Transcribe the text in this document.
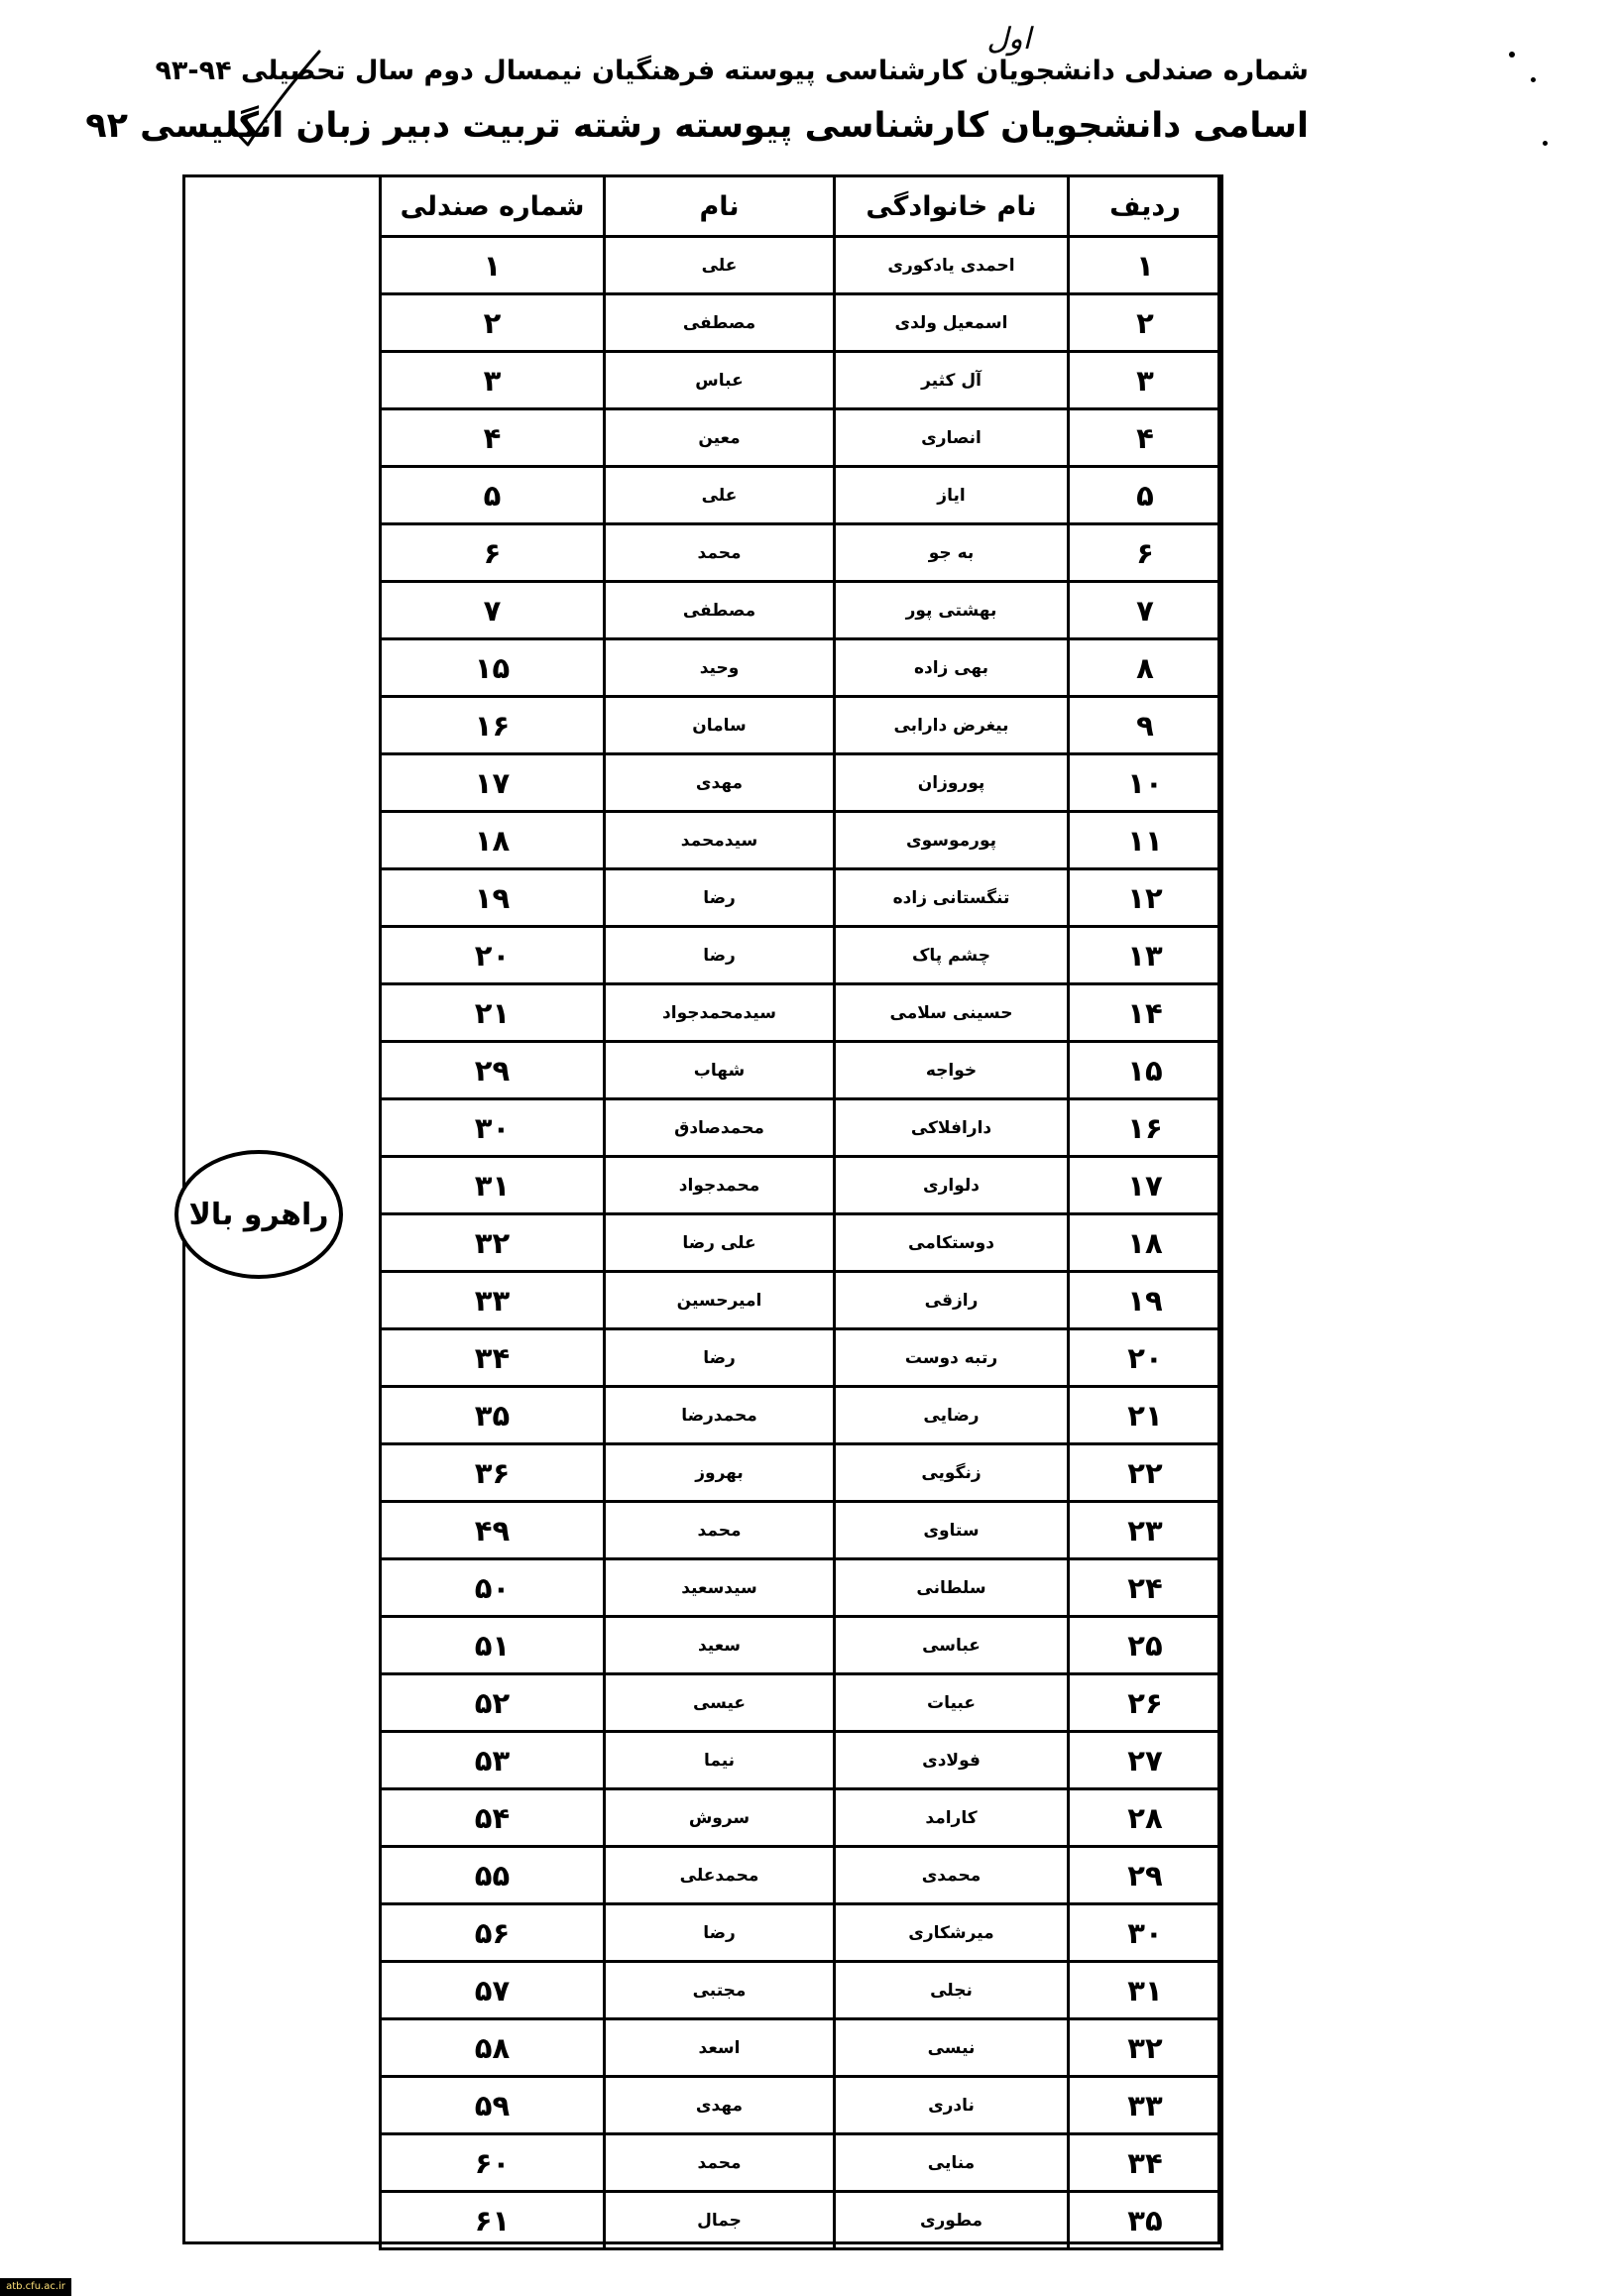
شماره صندلی دانشجویان کارشناسی پیوسته فرهنگیان نیمسال دوم سال تحصیلی ۹۴-۹۳
اول
اسامی دانشجویان کارشناسی پیوسته رشته تربیت دبیر زبان انگلیسی ۹۲
راهرو بالا
ردیف	نام خانوادگی	نام	شماره صندلی
۱	احمدی یادکوری	علی	۱
۲	اسمعیل ولدی	مصطفی	۲
۳	آل کثیر	عباس	۳
۴	انصاری	معین	۴
۵	ایاز	علی	۵
۶	به جو	محمد	۶
۷	بهشتی پور	مصطفی	۷
۸	بهی زاده	وحید	۱۵
۹	بیغرض دارابی	سامان	۱۶
۱۰	پوروزان	مهدی	۱۷
۱۱	پورموسوی	سیدمحمد	۱۸
۱۲	تنگستانی زاده	رضا	۱۹
۱۳	چشم پاک	رضا	۲۰
۱۴	حسینی سلامی	سیدمحمدجواد	۲۱
۱۵	خواجه	شهاب	۲۹
۱۶	دارافلاکی	محمدصادق	۳۰
۱۷	دلواری	محمدجواد	۳۱
۱۸	دوستکامی	علی رضا	۳۲
۱۹	رازقی	امیرحسین	۳۳
۲۰	رتبه دوست	رضا	۳۴
۲۱	رضایی	محمدرضا	۳۵
۲۲	زنگویی	بهروز	۳۶
۲۳	ستاوی	محمد	۴۹
۲۴	سلطانی	سیدسعید	۵۰
۲۵	عباسی	سعید	۵۱
۲۶	عبیات	عیسی	۵۲
۲۷	فولادی	نیما	۵۳
۲۸	کارامد	سروش	۵۴
۲۹	محمدی	محمدعلی	۵۵
۳۰	میرشکاری	رضا	۵۶
۳۱	نجلی	مجتبی	۵۷
۳۲	نیسی	اسعد	۵۸
۳۳	نادری	مهدی	۵۹
۳۴	منایی	محمد	۶۰
۳۵	مطوری	جمال	۶۱
atb.cfu.ac.ir
